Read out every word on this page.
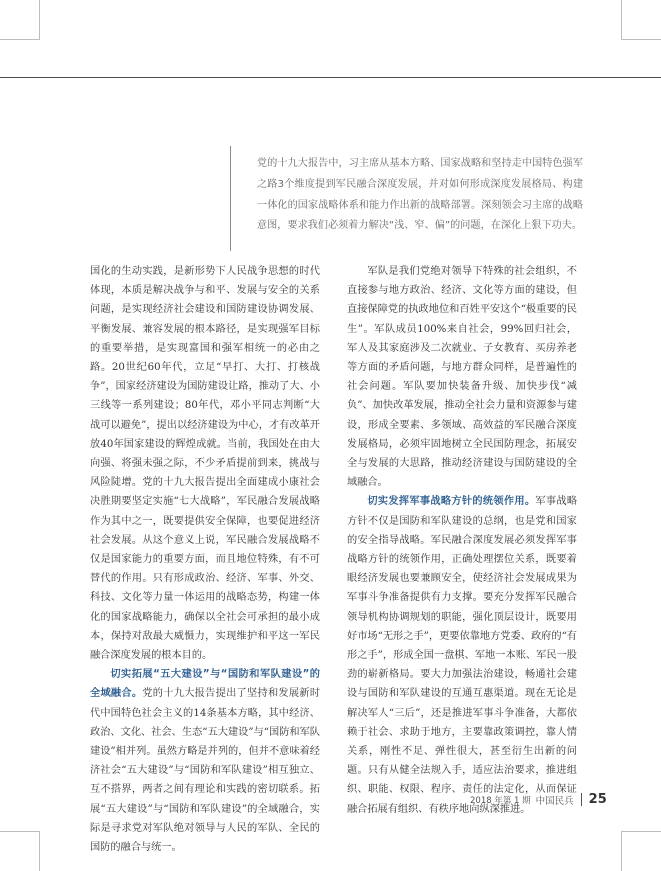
党的十九大报告中，习主席从基本方略、国家战略和坚持走中国特色强军之路3个维度提到军民融合深度发展，并对如何形成深度发展格局、构建一体化的国家战略体系和能力作出新的战略部署。深刻领会习主席的战略意图，要求我们必须着力解决“浅、窄、偏”的问题，在深化上狠下功夫。

国化的生动实践，是新形势下人民战争思想的时代体现，本质是解决战争与和平、发展与安全的关系问题，是实现经济社会建设和国防建设协调发展、平衡发展、兼容发展的根本路径，是实现强军目标的重要举措，是实现富国和强军相统一的必由之路。20世纪60年代，立足“早打、大打、打核战争”，国家经济建设为国防建设让路，推动了大、小三线等一系列建设；80年代，邓小平同志判断“大战可以避免”，提出以经济建设为中心，才有改革开放40年国家建设的辉煌成就。当前，我国处在由大向强、将强未强之际，不少矛盾提前到来，挑战与风险陡增。党的十九大报告提出全面建成小康社会决胜期要坚定实施“七大战略”，军民融合发展战略作为其中之一，既要提供安全保障，也要促进经济社会发展。从这个意义上说，军民融合发展战略不仅是国家能力的重要方面，而且地位特殊，有不可替代的作用。只有形成政治、经济、军事、外交、科技、文化等力量一体运用的战略态势，构建一体化的国家战略能力，确保以全社会可承担的最小成本，保持对敌最大威慑力，实现维护和平这一军民融合深度发展的根本目的。

切实拓展“五大建设”与“国防和军队建设”的全域融合。党的十九大报告提出了坚持和发展新时代中国特色社会主义的14条基本方略，其中经济、政治、文化、社会、生态“五大建设”与“国防和军队建设”相并列。虽然方略是并列的，但并不意味着经济社会“五大建设”与“国防和军队建设”相互独立、互不搭界，两者之间有理论和实践的密切联系。拓展“五大建设”与“国防和军队建设”的全域融合，实际是寻求党对军队绝对领导与人民的军队、全民的国防的融合与统一。

军队是我们党绝对领导下特殊的社会组织，不直接参与地方政治、经济、文化等方面的建设，但直接保障党的执政地位和百姓平安这个“极重要的民生”。军队成员100%来自社会，99%回归社会，军人及其家庭涉及二次就业、子女教育、买房养老等方面的矛盾问题，与地方群众同样，是普遍性的社会问题。军队要加快装备升级、加快步伐“减负”、加快改革发展，推动全社会力量和资源参与建设，形成全要素、多领域、高效益的军民融合深度发展格局，必须牢固地树立全民国防理念，拓展安全与发展的大思路，推动经济建设与国防建设的全域融合。

切实发挥军事战略方针的统领作用。军事战略方针不仅是国防和军队建设的总纲，也是党和国家的安全指导战略。军民融合深度发展必须发挥军事战略方针的统领作用，正确处理摆位关系，既要着眼经济发展也要兼顾安全，使经济社会发展成果为军事斗争准备提供有力支撑。要充分发挥军民融合领导机构协调规划的职能，强化顶层设计，既要用好市场“无形之手”，更要依靠地方党委、政府的“有形之手”，形成全国一盘棋、军地一本账、军民一股劲的崭新格局。要大力加强法治建设，畅通社会建设与国防和军队建设的互通互惠渠道。现在无论是解决军人“三后”，还是推进军事斗争准备，大都依赖于社会、求助于地方，主要靠政策调控，靠人情关系，刚性不足、弹性很大，甚至衍生出新的问题。只有从健全法规入手，适应法治要求，推进组织、职能、权限、程序、责任的法定化，从而保证融合拓展有组织、有秩序地向纵深推进。

2018 年第 1 期 中国民兵 25
